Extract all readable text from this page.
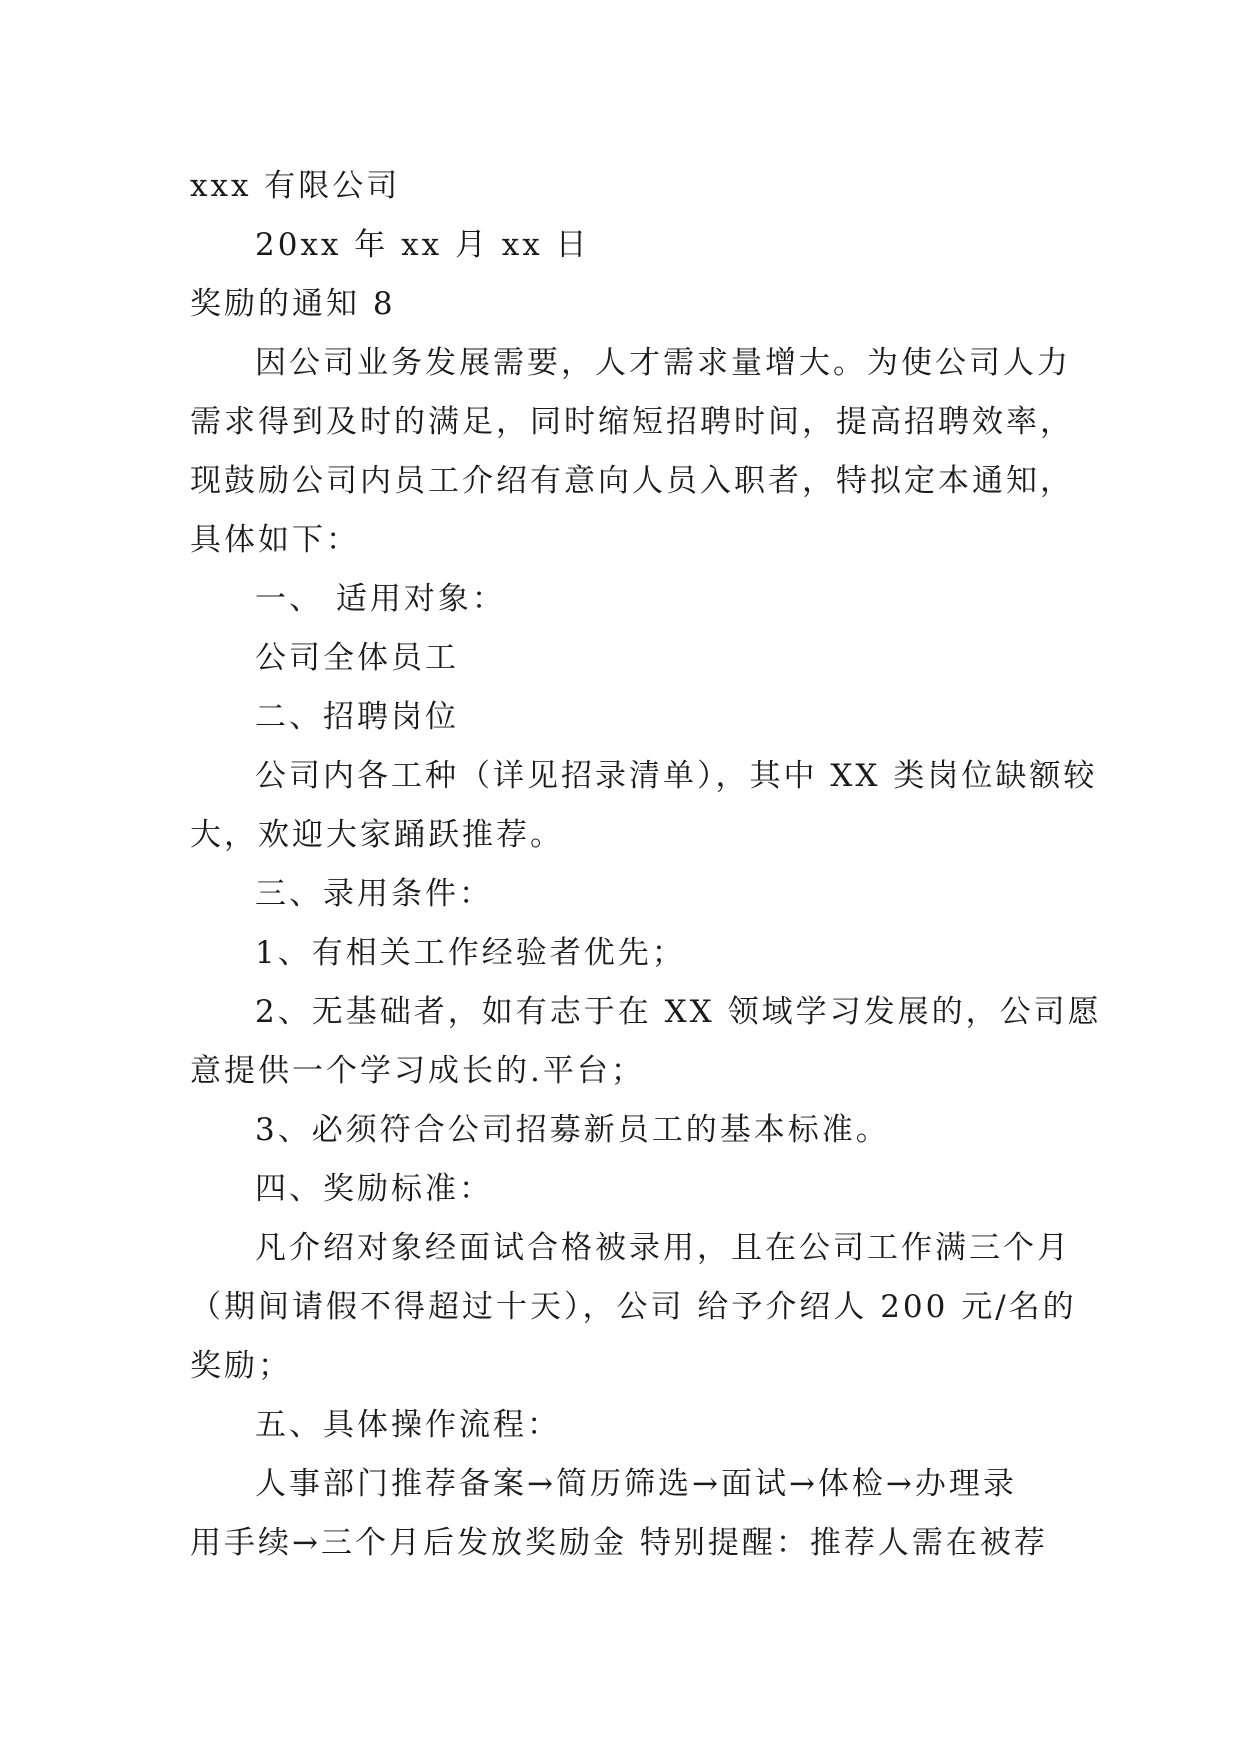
xxx 有限公司
20xx 年 xx 月 xx 日
奖励的通知 8
因公司业务发展需要，人才需求量增大。为使公司人力
需求得到及时的满足，同时缩短招聘时间，提高招聘效率，
现鼓励公司内员工介绍有意向人员入职者，特拟定本通知，
具体如下：
一、 适用对象：
公司全体员工
二、招聘岗位
公司内各工种（详见招录清单），其中 XX 类岗位缺额较
大，欢迎大家踊跃推荐。
三、录用条件：
1、有相关工作经验者优先；
2、无基础者，如有志于在 XX 领域学习发展的，公司愿
意提供一个学习成长的.平台；
3、必须符合公司招募新员工的基本标准。
四、奖励标准：
凡介绍对象经面试合格被录用，且在公司工作满三个月
（期间请假不得超过十天），公司 给予介绍人 200 元/名的
奖励；
五、具体操作流程：
人事部门推荐备案→简历筛选→面试→体检→办理录
用手续→三个月后发放奖励金 特别提醒：推荐人需在被荐
